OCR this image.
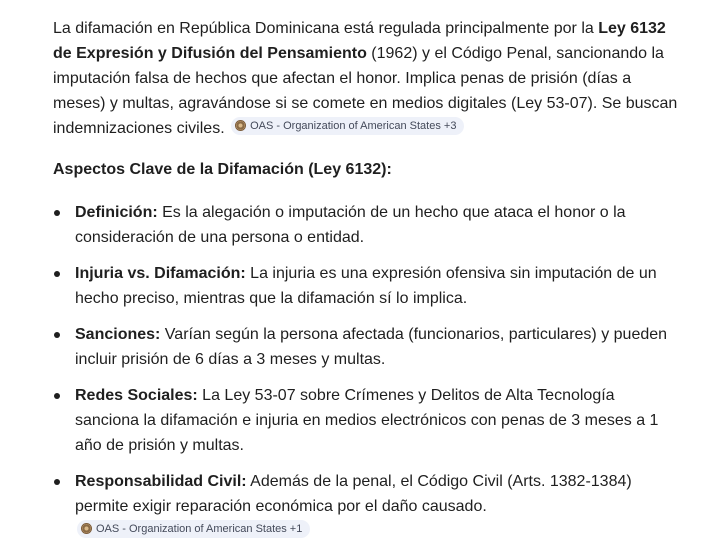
La difamación en República Dominicana está regulada principalmente por la Ley 6132 de Expresión y Difusión del Pensamiento (1962) y el Código Penal, sancionando la imputación falsa de hechos que afectan el honor. Implica penas de prisión (días a meses) y multas, agravándose si se comete en medios digitales (Ley 53-07). Se buscan indemnizaciones civiles. OAS - Organization of American States +3

Aspectos Clave de la Difamación (Ley 6132):

Definición: Es la alegación o imputación de un hecho que ataca el honor o la consideración de una persona o entidad.
Injuria vs. Difamación: La injuria es una expresión ofensiva sin imputación de un hecho preciso, mientras que la difamación sí lo implica.
Sanciones: Varían según la persona afectada (funcionarios, particulares) y pueden incluir prisión de 6 días a 3 meses y multas.
Redes Sociales: La Ley 53-07 sobre Crímenes y Delitos de Alta Tecnología sanciona la difamación e injuria en medios electrónicos con penas de 3 meses a 1 año de prisión y multas.
Responsabilidad Civil: Además de la penal, el Código Civil (Arts. 1382-1384) permite exigir reparación económica por el daño causado.
OAS - Organization of American States +1
